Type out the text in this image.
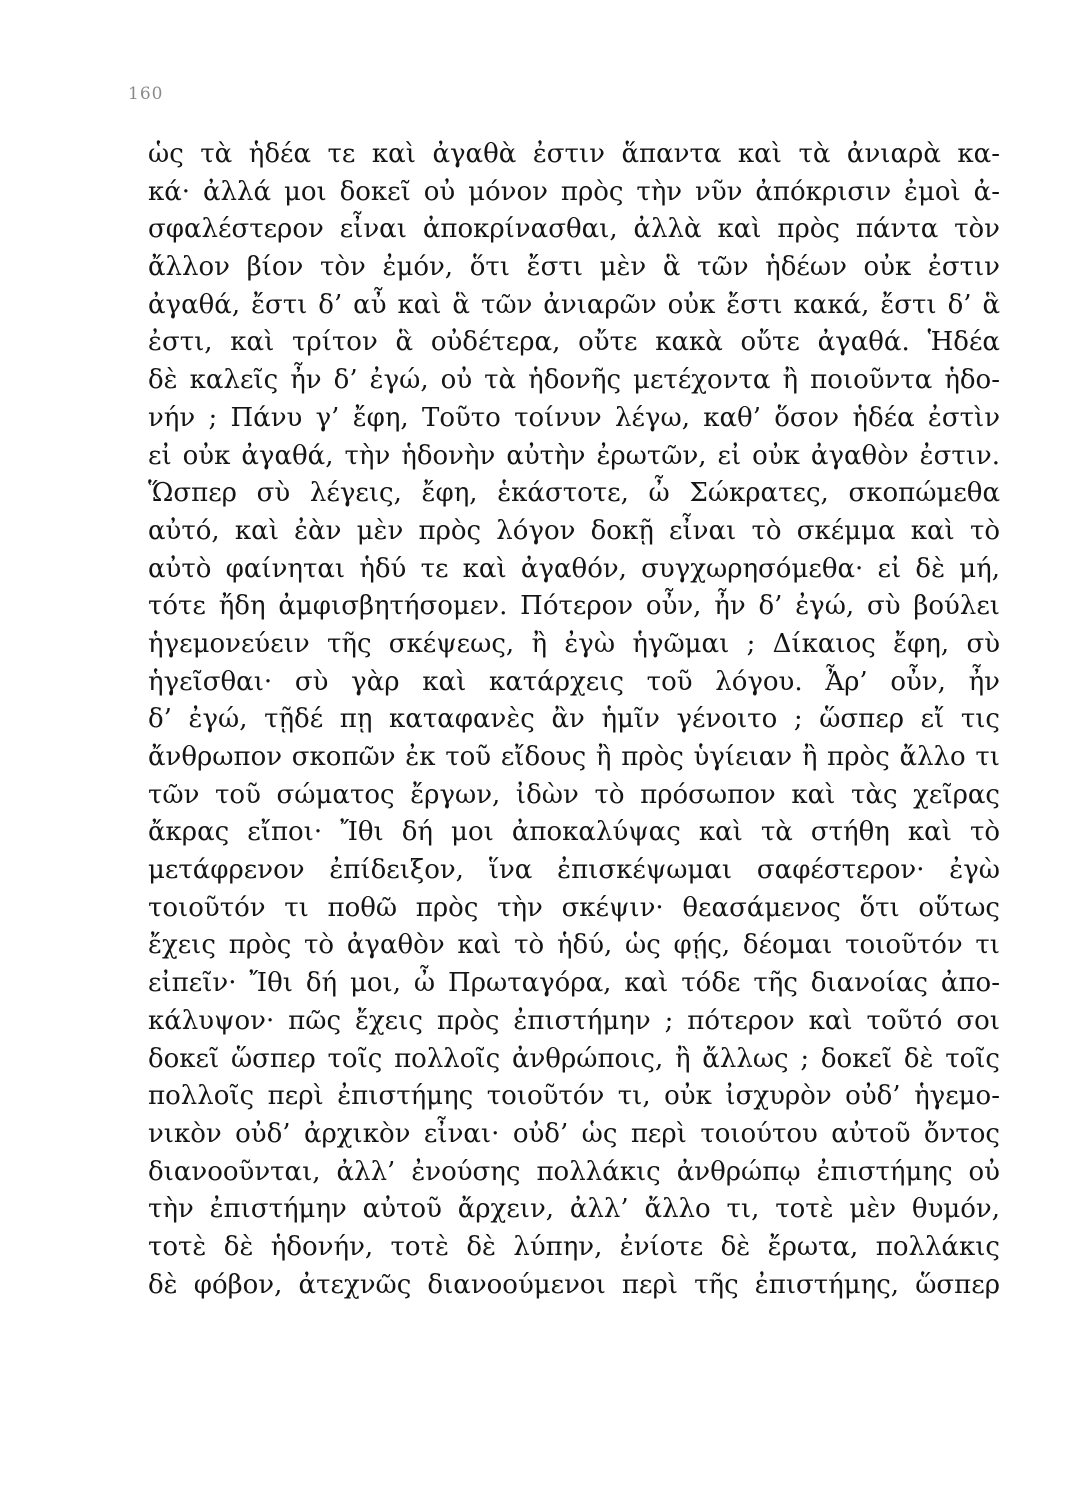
160
ὡς τὰ ἡδέα τε καὶ ἀγαθὰ ἐστιν ἅπαντα καὶ τὰ ἀνιαρὰ κα-
κά· ἀλλά μοι δοκεῖ οὐ μόνον πρὸς τὴν νῦν ἀπόκρισιν ἐμοὶ ἀ-
σφαλέστερον εἶναι ἀποκρίνασθαι, ἀλλὰ καὶ πρὸς πάντα τὸν
ἄλλον βίον τὸν ἐμόν, ὅτι ἔστι μὲν ἃ τῶν ἡδέων οὐκ ἐστιν
ἀγαθά, ἔστι δ’ αὖ καὶ ἃ τῶν ἀνιαρῶν οὐκ ἔστι κακά, ἔστι δ’ ἃ
ἐστι, καὶ τρίτον ἃ οὐδέτερα, οὔτε κακὰ οὔτε ἀγαθά. Ἡδέα
δὲ καλεῖς ἦν δ’ ἐγώ, οὐ τὰ ἡδονῆς μετέχοντα ἢ ποιοῦντα ἡδο-
νήν ; Πάνυ γ’ ἔφη, Τοῦτο τοίνυν λέγω, καθ’ ὅσον ἡδέα ἐστὶν
εἰ οὐκ ἀγαθά, τὴν ἡδονὴν αὐτὴν ἐρωτῶν, εἰ οὐκ ἀγαθὸν ἐστιν.
Ὥσπερ σὺ λέγεις, ἔφη, ἑκάστοτε, ὦ Σώκρατες, σκοπώμεθα
αὐτό, καὶ ἐὰν μὲν πρὸς λόγον δοκῇ εἶναι τὸ σκέμμα καὶ τὸ
αὐτὸ φαίνηται ἡδύ τε καὶ ἀγαθόν, συγχωρησόμεθα· εἰ δὲ μή,
τότε ἤδη ἀμφισβητήσομεν. Πότερον οὖν, ἦν δ’ ἐγώ, σὺ βούλει
ἡγεμονεύειν τῆς σκέψεως, ἢ ἐγὼ ἡγῶμαι ; Δίκαιος ἔφη, σὺ
ἡγεῖσθαι· σὺ γὰρ καὶ κατάρχεις τοῦ λόγου. Ἆρ’ οὖν, ἦν
δ’ ἐγώ, τῇδέ πῃ καταφανὲς ἂν ἡμῖν γένοιτο ; ὥσπερ εἴ τις
ἄνθρωπον σκοπῶν ἐκ τοῦ εἴδους ἢ πρὸς ὑγίειαν ἢ πρὸς ἄλλο τι
τῶν τοῦ σώματος ἔργων, ἰδὼν τὸ πρόσωπον καὶ τὰς χεῖρας
ἄκρας εἴποι· Ἴθι δή μοι ἀποκαλύψας καὶ τὰ στήθη καὶ τὸ
μετάφρενον ἐπίδειξον, ἵνα ἐπισκέψωμαι σαφέστερον· ἐγὼ
τοιοῦτόν τι ποθῶ πρὸς τὴν σκέψιν· θεασάμενος ὅτι οὕτως
ἔχεις πρὸς τὸ ἀγαθὸν καὶ τὸ ἡδύ, ὡς φῄς, δέομαι τοιοῦτόν τι
εἰπεῖν· Ἴθι δή μοι, ὦ Πρωταγόρα, καὶ τόδε τῆς διανοίας ἀπο-
κάλυψον· πῶς ἔχεις πρὸς ἐπιστήμην ; πότερον καὶ τοῦτό σοι
δοκεῖ ὥσπερ τοῖς πολλοῖς ἀνθρώποις, ἢ ἄλλως ; δοκεῖ δὲ τοῖς
πολλοῖς περὶ ἐπιστήμης τοιοῦτόν τι, οὐκ ἰσχυρὸν οὐδ’ ἡγεμο-
νικὸν οὐδ’ ἀρχικὸν εἶναι· οὐδ’ ὡς περὶ τοιούτου αὐτοῦ ὄντος
διανοοῦνται, ἀλλ’ ἐνούσης πολλάκις ἀνθρώπῳ ἐπιστήμης οὐ
τὴν ἐπιστήμην αὐτοῦ ἄρχειν, ἀλλ’ ἄλλο τι, τοτὲ μὲν θυμόν,
τοτὲ δὲ ἡδονήν, τοτὲ δὲ λύπην, ἐνίοτε δὲ ἔρωτα, πολλάκις
δὲ φόβον, ἀτεχνῶς διανοούμενοι περὶ τῆς ἐπιστήμης, ὥσπερ
